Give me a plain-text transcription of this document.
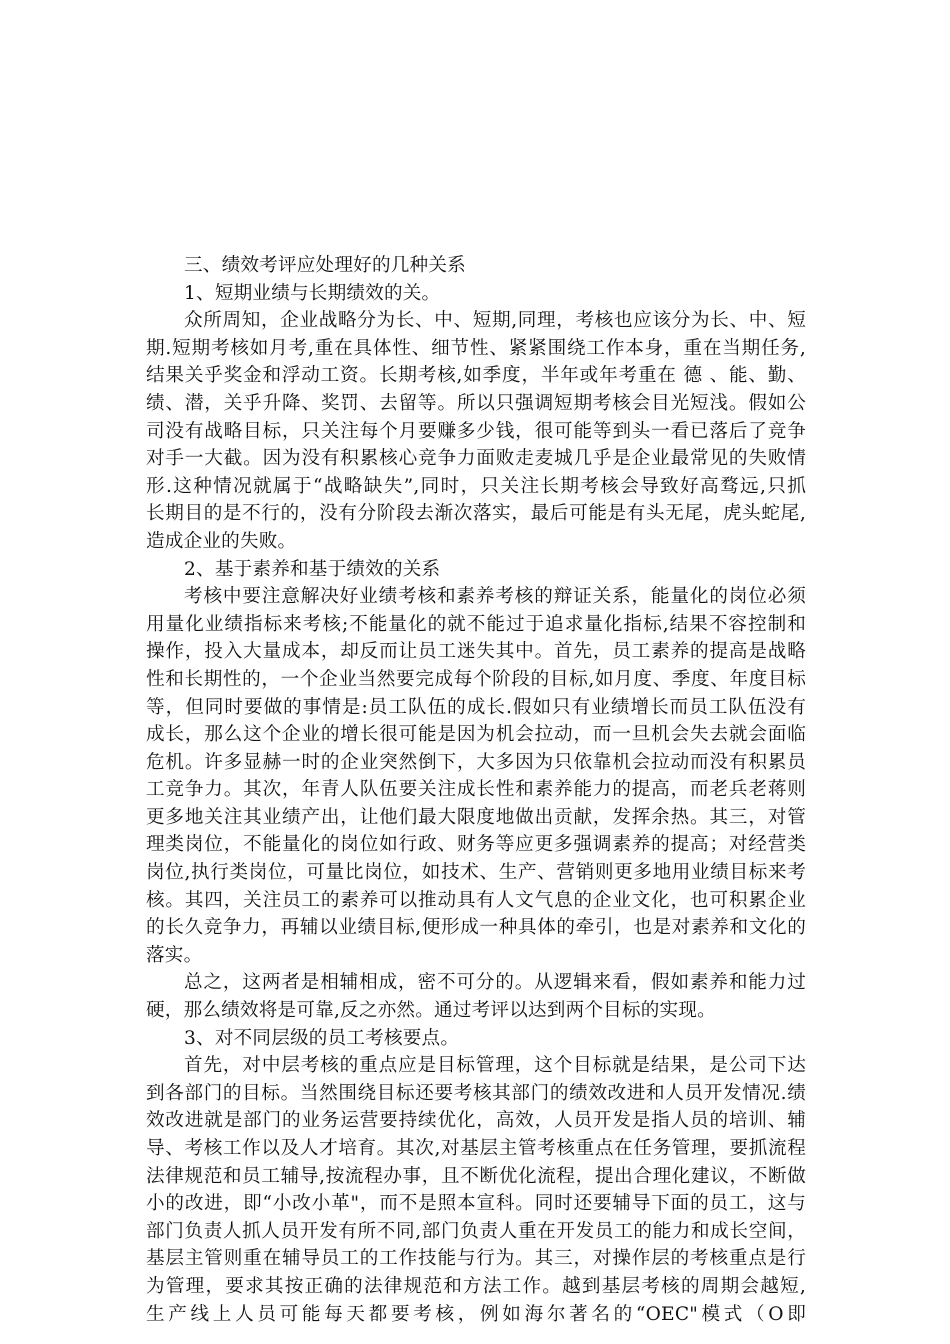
三、绩效考评应处理好的几种关系
1、短期业绩与长期绩效的关。
众所周知，企业战略分为长、中、短期,同理，考核也应该分为长、中、短
期.短期考核如月考,重在具体性、细节性、紧紧围绕工作本身，重在当期任务,
结果关乎奖金和浮动工资。长期考核,如季度，半年或年考重在 德 、能、勤、
绩、潜，关乎升降、奖罚、去留等。所以只强调短期考核会目光短浅。假如公
司没有战略目标，只关注每个月要赚多少钱，很可能等到头一看已落后了竞争
对手一大截。因为没有积累核心竞争力面败走麦城几乎是企业最常见的失败情
形.这种情况就属于“战略缺失”,同时，只关注长期考核会导致好高骛远,只抓
长期目的是不行的，没有分阶段去渐次落实，最后可能是有头无尾，虎头蛇尾,
造成企业的失败。
2、基于素养和基于绩效的关系
考核中要注意解决好业绩考核和素养考核的辩证关系，能量化的岗位必须
用量化业绩指标来考核;不能量化的就不能过于追求量化指标,结果不容控制和
操作，投入大量成本，却反而让员工迷失其中。首先，员工素养的提高是战略
性和长期性的，一个企业当然要完成每个阶段的目标,如月度、季度、年度目标
等，但同时要做的事情是:员工队伍的成长.假如只有业绩增长而员工队伍没有
成长，那么这个企业的增长很可能是因为机会拉动，而一旦机会失去就会面临
危机。许多显赫一时的企业突然倒下，大多因为只依靠机会拉动而没有积累员
工竞争力。其次，年青人队伍要关注成长性和素养能力的提高，而老兵老蒋则
更多地关注其业绩产出，让他们最大限度地做出贡献，发挥余热。其三，对管
理类岗位，不能量化的岗位如行政、财务等应更多强调素养的提高；对经营类
岗位,执行类岗位，可量比岗位，如技术、生产、营销则更多地用业绩目标来考
核。其四，关注员工的素养可以推动具有人文气息的企业文化，也可积累企业
的长久竞争力，再辅以业绩目标,便形成一种具体的牵引，也是对素养和文化的
落实。
总之，这两者是相辅相成，密不可分的。从逻辑来看，假如素养和能力过
硬，那么绩效将是可靠,反之亦然。通过考评以达到两个目标的实现。
3、对不同层级的员工考核要点。
首先，对中层考核的重点应是目标管理，这个目标就是结果，是公司下达
到各部门的目标。当然围绕目标还要考核其部门的绩效改进和人员开发情况.绩
效改进就是部门的业务运营要持续优化，高效，人员开发是指人员的培训、辅
导、考核工作以及人才培育。其次,对基层主管考核重点在任务管理，要抓流程
法律规范和员工辅导,按流程办事，且不断优化流程，提出合理化建议，不断做
小的改进，即“小改小革"，而不是照本宣科。同时还要辅导下面的员工，这与
部门负责人抓人员开发有所不同,部门负责人重在开发员工的能力和成长空间，
基层主管则重在辅导员工的工作技能与行为。其三，对操作层的考核重点是行
为管理，要求其按正确的法律规范和方法工作。越到基层考核的周期会越短,
生产线上人员可能每天都要考核，例如海尔著名的“OEC"模式（O即
